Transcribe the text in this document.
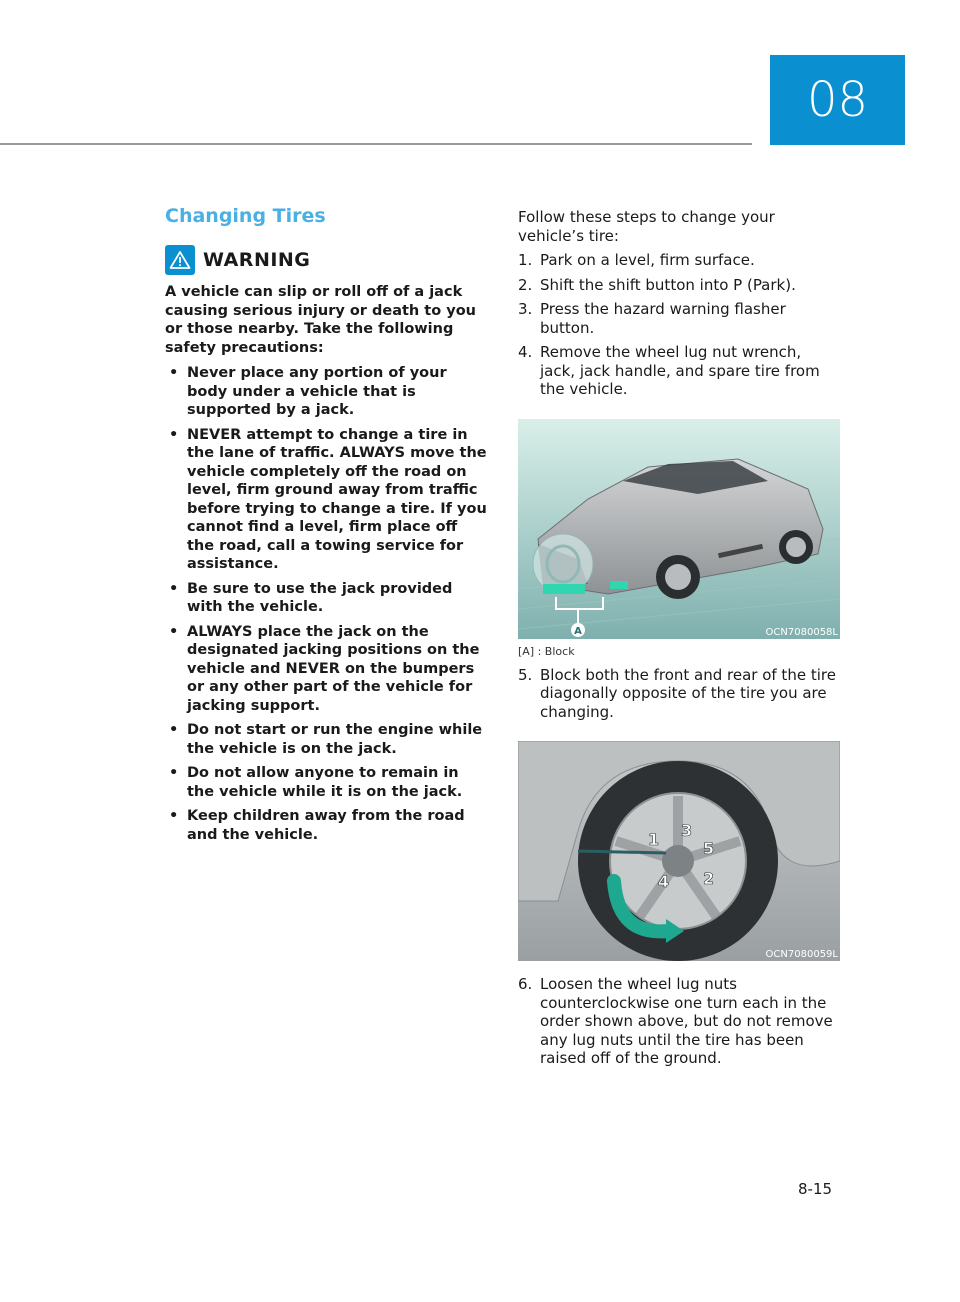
08
Changing Tires
WARNING

A vehicle can slip or roll off of a jack causing serious injury or death to you or those nearby. Take the following safety precautions:

• Never place any portion of your body under a vehicle that is supported by a jack.
• NEVER attempt to change a tire in the lane of traffic. ALWAYS move the vehicle completely off the road on level, firm ground away from traffic before trying to change a tire. If you cannot find a level, firm place off the road, call a towing service for assistance.
• Be sure to use the jack provided with the vehicle.
• ALWAYS place the jack on the designated jacking positions on the vehicle and NEVER on the bumpers or any other part of the vehicle for jacking support.
• Do not start or run the engine while the vehicle is on the jack.
• Do not allow anyone to remain in the vehicle while it is on the jack.
• Keep children away from the road and the vehicle.

Follow these steps to change your vehicle’s tire:

1. Park on a level, firm surface.
2. Shift the shift button into P (Park).
3. Press the hazard warning flasher button.
4. Remove the wheel lug nut wrench, jack, jack handle, and spare tire from the vehicle.
A	OCN7080058L

[A] : Block

5. Block both the front and rear of the tire diagonally opposite of the tire you are changing.
1
2
3
4
5
OCN7080059L
6. Loosen the wheel lug nuts counterclockwise one turn each in the order shown above, but do not remove any lug nuts until the tire has been raised off of the ground.
8-15
